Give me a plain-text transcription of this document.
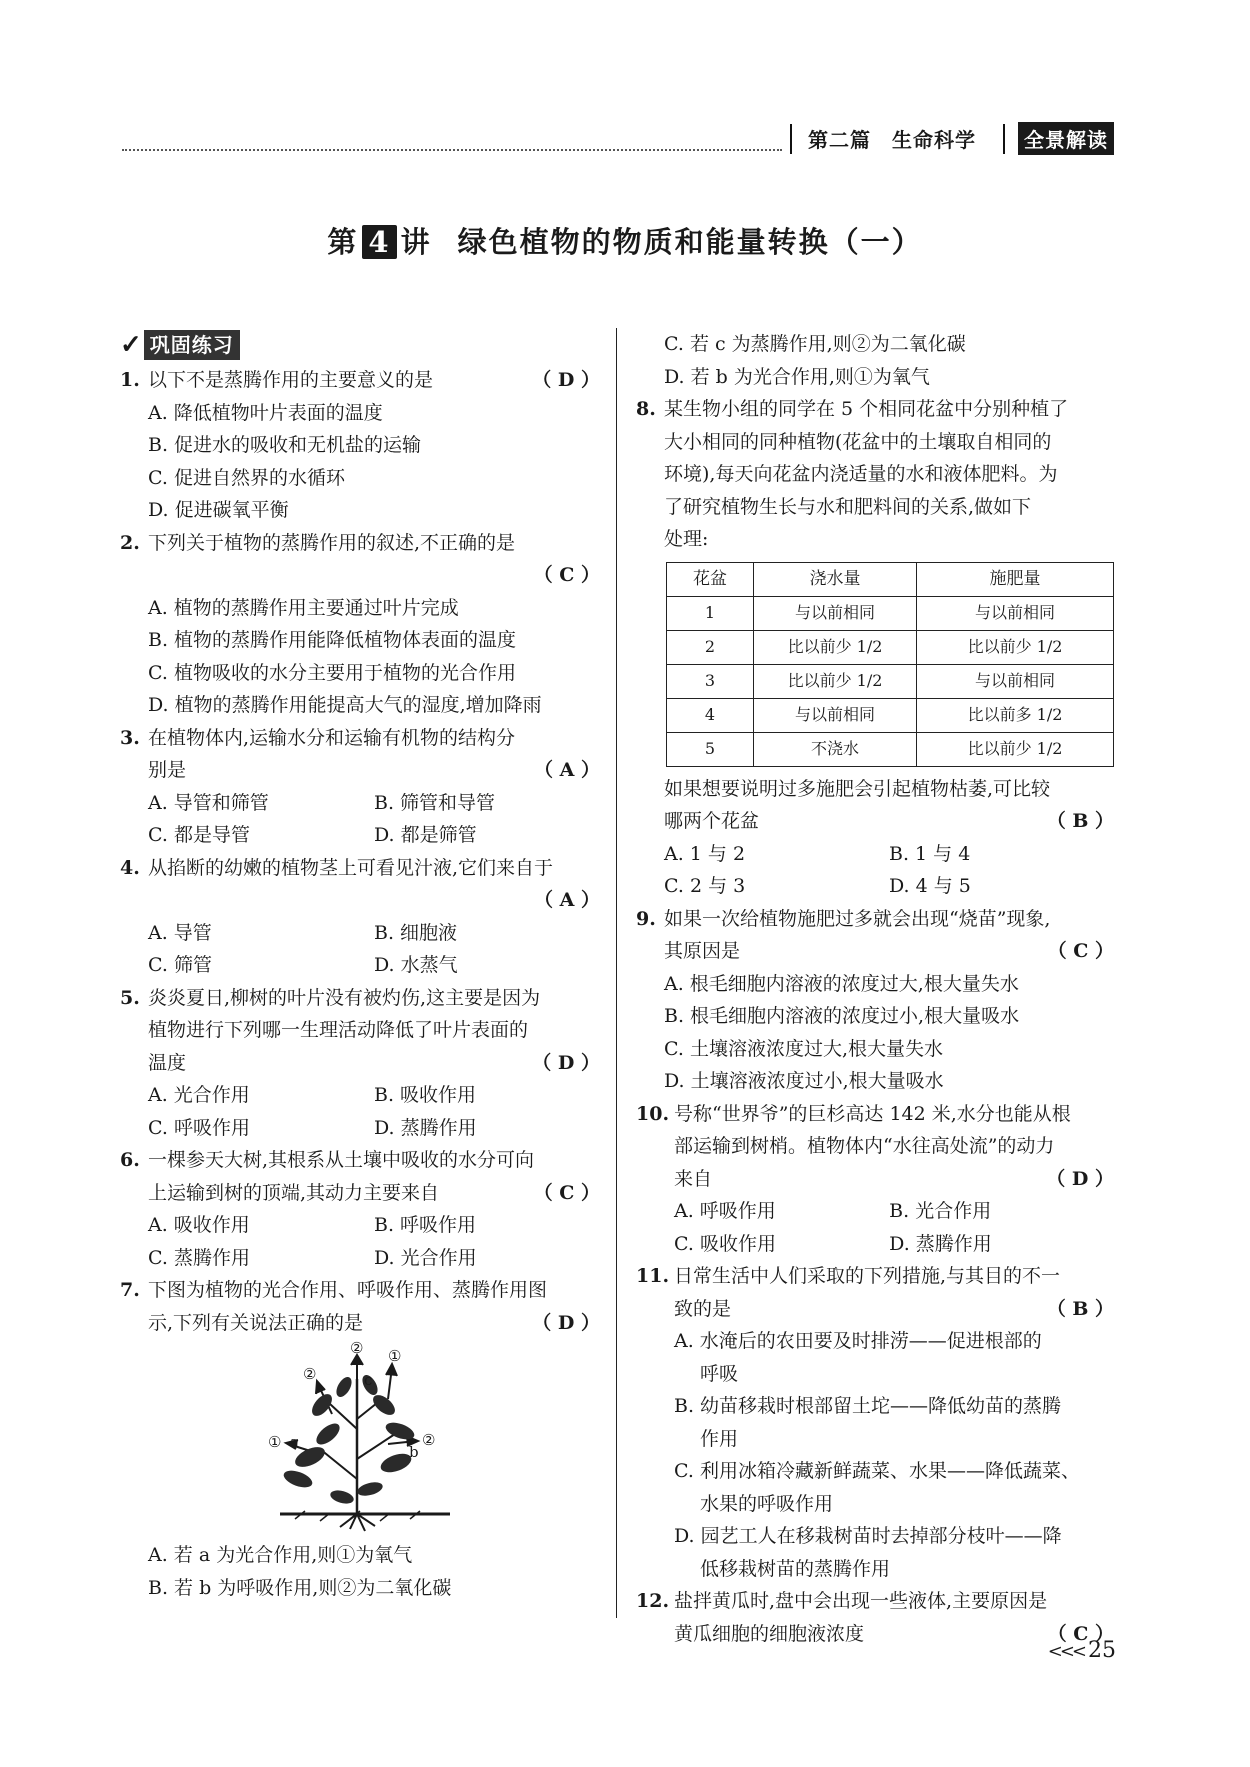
第二篇　生命科学	全景解读
第 4 讲 绿色植物的物质和能量转换（一）
✓ 巩固练习
1. 以下不是蒸腾作用的主要意义的是	（ D ）
A. 降低植物叶片表面的温度
B. 促进水的吸收和无机盐的运输
C. 促进自然界的水循环
D. 促进碳氧平衡
2. 下列关于植物的蒸腾作用的叙述,不正确的是
（ C ）
A. 植物的蒸腾作用主要通过叶片完成
B. 植物的蒸腾作用能降低植物体表面的温度
C. 植物吸收的水分主要用于植物的光合作用
D. 植物的蒸腾作用能提高大气的湿度,增加降雨
3. 在植物体内,运输水分和运输有机物的结构分
别是	（ A ）
A. 导管和筛管	B. 筛管和导管
C. 都是导管	D. 都是筛管
4. 从掐断的幼嫩的植物茎上可看见汁液,它们来自于
（ A ）
A. 导管	B. 细胞液
C. 筛管	D. 水蒸气
5. 炎炎夏日,柳树的叶片没有被灼伤,这主要是因为
植物进行下列哪一生理活动降低了叶片表面的
温度	（ D ）
A. 光合作用	B. 吸收作用
C. 呼吸作用	D. 蒸腾作用
6. 一棵参天大树,其根系从土壤中吸收的水分可向
上运输到树的顶端,其动力主要来自	（ C ）
A. 吸收作用	B. 呼吸作用
C. 蒸腾作用	D. 光合作用
7. 下图为植物的光合作用、呼吸作用、蒸腾作用图
示,下列有关说法正确的是	（ D ）
②
②
①
c
① a
b
②
A. 若 a 为光合作用,则①为氧气
B. 若 b 为呼吸作用,则②为二氧化碳
C. 若 c 为蒸腾作用,则②为二氧化碳
D. 若 b 为光合作用,则①为氧气
8. 某生物小组的同学在 5 个相同花盆中分别种植了
大小相同的同种植物(花盆中的土壤取自相同的
环境),每天向花盆内浇适量的水和液体肥料。为
了研究植物生长与水和肥料间的关系,做如下
处理:
花盆	浇水量	施肥量
1	与以前相同	与以前相同
2	比以前少 1/2	比以前少 1/2
3	比以前少 1/2	与以前相同
4	与以前相同	比以前多 1/2
5	不浇水	比以前少 1/2
如果想要说明过多施肥会引起植物枯萎,可比较
哪两个花盆	（ B ）
A. 1 与 2	B. 1 与 4
C. 2 与 3	D. 4 与 5
9. 如果一次给植物施肥过多就会出现“烧苗”现象,
其原因是	（ C ）
A. 根毛细胞内溶液的浓度过大,根大量失水
B. 根毛细胞内溶液的浓度过小,根大量吸水
C. 土壤溶液浓度过大,根大量失水
D. 土壤溶液浓度过小,根大量吸水
10. 号称“世界爷”的巨杉高达 142 米,水分也能从根
部运输到树梢。植物体内“水往高处流”的动力
来自	（ D ）
A. 呼吸作用	B. 光合作用
C. 吸收作用	D. 蒸腾作用
11. 日常生活中人们采取的下列措施,与其目的不一
致的是	（ B ）
A. 水淹后的农田要及时排涝——促进根部的
呼吸
B. 幼苗移栽时根部留土坨——降低幼苗的蒸腾
作用
C. 利用冰箱冷藏新鲜蔬菜、水果——降低蔬菜、
水果的呼吸作用
D. 园艺工人在移栽树苗时去掉部分枝叶——降
低移栽树苗的蒸腾作用
12. 盐拌黄瓜时,盘中会出现一些液体,主要原因是
黄瓜细胞的细胞液浓度	（ C ）
<<< 25
